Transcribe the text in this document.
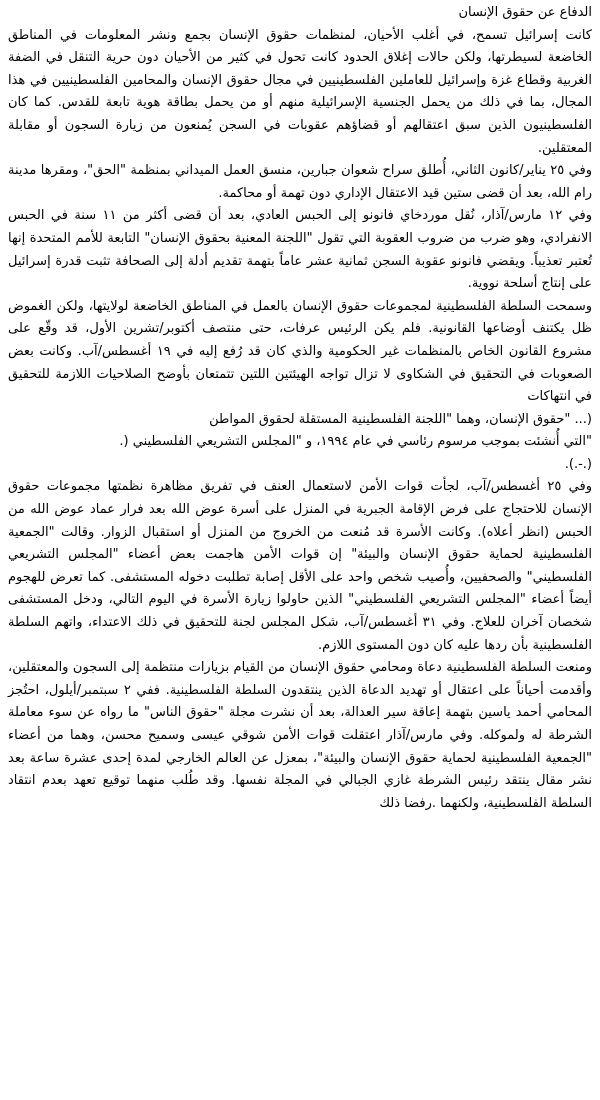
الدفاع عن حقوق الإنسان

كانت إسرائيل تسمح، في أغلب الأحيان، لمنظمات حقوق الإنسان بجمع ونشر المعلومات في المناطق الخاضعة لسيطرتها، ولكن حالات إغلاق الحدود كانت تحول في كثير من الأحيان دون حرية التنقل في الضفة الغربية وقطاع غزة وإسرائيل للعاملين الفلسطينيين في مجال حقوق الإنسان والمحامين الفلسطينيين في هذا المجال، بما في ذلك من يحمل الجنسية الإسرائيلية منهم أو من يحمل بطاقة هوية تابعة للقدس. كما كان الفلسطينيون الذين سبق اعتقالهم أو قضاؤهم عقوبات في السجن يُمنعون من زيارة السجون أو مقابلة المعتقلين.

وفي ٢٥ يناير/كانون الثاني، أُطلق سراح شعوان جبارين، منسق العمل الميداني بمنظمة "الحق"، ومقرها مدينة رام الله، بعد أن قضى ستين قيد الاعتقال الإداري دون تهمة أو محاكمة.

وفي ١٢ مارس/آذار، نُقل موردخاي فانونو إلى الحبس العادي، بعد أن قضى أكثر من ١١ سنة في الحبس الانفرادي، وهو ضرب من ضروب العقوبة التي تقول "اللجنة المعنية بحقوق الإنسان" التابعة للأمم المتحدة إنها تُعتبر تعذيباً. ويقضي فانونو عقوبة السجن ثمانية عشر عاماً بتهمة تقديم أدلة إلى الصحافة تثبت قدرة إسرائيل على إنتاج أسلحة نووية.

وسمحت السلطة الفلسطينية لمجموعات حقوق الإنسان بالعمل في المناطق الخاضعة لولايتها، ولكن الغموض ظل يكتنف أوضاعها القانونية. فلم يكن الرئيس عرفات، حتى منتصف أكتوبر/تشرين الأول، قد وقّع على مشروع القانون الخاص بالمنظمات غير الحكومية والذي كان قد رُفع إليه في ١٩ أغسطس/آب. وكانت بعض الصعوبات في التحقيق في الشكاوى لا تزال تواجه الهيئتين اللتين تتمتعان بأوضح الصلاحيات اللازمة للتحقيق في انتهاكات

(... "حقوق الإنسان، وهما "اللجنة الفلسطينية المستقلة لحقوق المواطن
"التي أُنشئت بموجب مرسوم رئاسي في عام ١٩٩٤، و "المجلس التشريعي الفلسطيني (.
(.-.).

وفي ٢٥ أغسطس/آب، لجأت قوات الأمن لاستعمال العنف في تفريق مظاهرة نظمتها مجموعات حقوق الإنسان للاحتجاج على فرض الإقامة الجبرية في المنزل على أسرة عوض الله بعد فرار عماد عوض الله من الحبس (انظر أعلاه). وكانت الأسرة قد مُنعت من الخروج من المنزل أو استقبال الزوار. وقالت "الجمعية الفلسطينية لحماية حقوق الإنسان والبيئة" إن قوات الأمن هاجمت بعض أعضاء "المجلس التشريعي الفلسطيني" والصحفيين، وأُصيب شخص واحد على الأقل إصابة تطلبت دخوله المستشفى. كما تعرض للهجوم أيضاً أعضاء "المجلس التشريعي الفلسطيني" الذين حاولوا زيارة الأسرة في اليوم التالي، ودخل المستشفى شخصان آخران للعلاج. وفي ٣١ أغسطس/آب، شكل المجلس لجنة للتحقيق في ذلك الاعتداء، واتهم السلطة الفلسطينية بأن ردها عليه كان دون المستوى اللازم.

ومنعت السلطة الفلسطينية دعاة ومحامي حقوق الإنسان من القيام بزيارات منتظمة إلى السجون والمعتقلين، وأقدمت أحياناً على اعتقال أو تهديد الدعاة الذين ينتقدون السلطة الفلسطينية. ففي ٢ سبتمبر/أيلول، احتُجز المحامي أحمد ياسين بتهمة إعاقة سير العدالة، بعد أن نشرت مجلة "حقوق الناس" ما رواه عن سوء معاملة الشرطة له ولموكله. وفي مارس/آذار اعتقلت قوات الأمن شوقي عيسى وسميح محسن، وهما من أعضاء "الجمعية الفلسطينية لحماية حقوق الإنسان والبيئة"، بمعزل عن العالم الخارجي لمدة إحدى عشرة ساعة بعد نشر مقال ينتقد رئيس الشرطة غازي الجبالي في المجلة نفسها. وقد طُلب منهما توقيع تعهد بعدم انتقاد السلطة الفلسطينية، ولكنهما .رفضا ذلك
